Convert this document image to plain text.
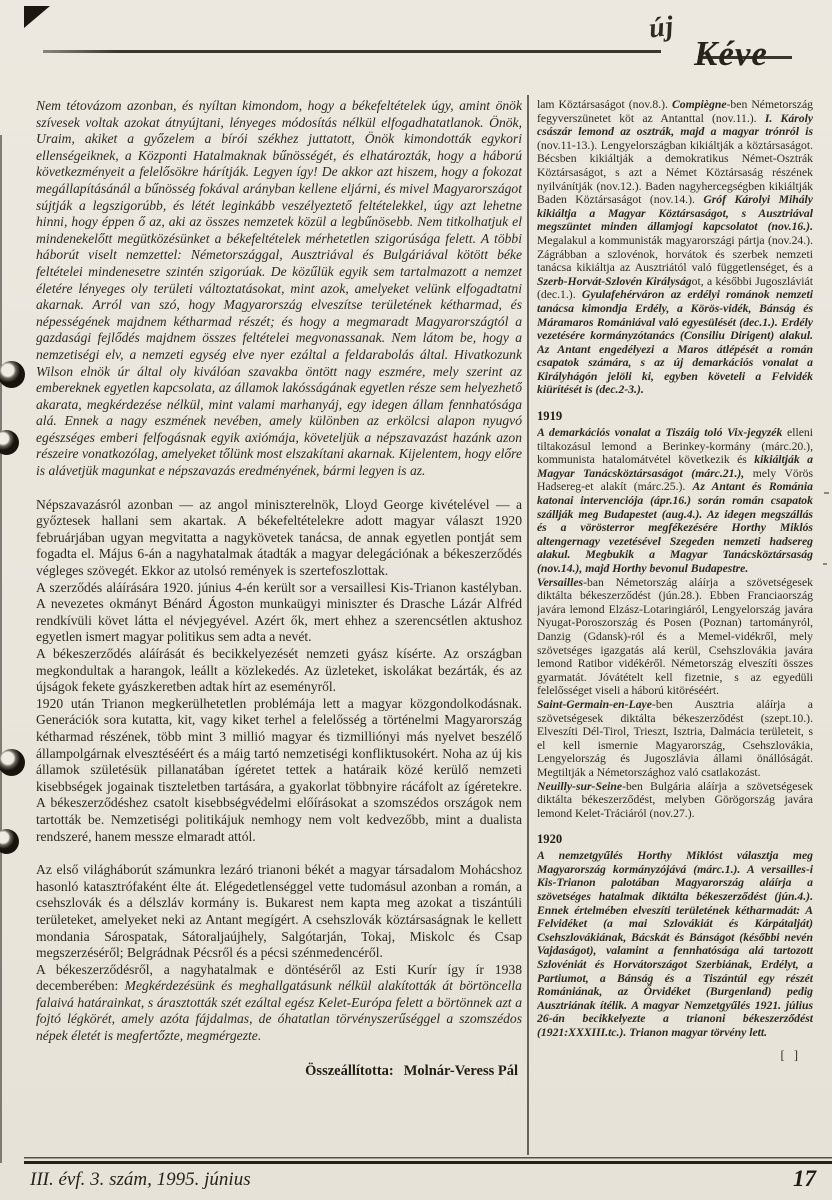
új
Kéve

Nem tétovázom azonban, és nyíltan kimondom, hogy a békefeltételek úgy, amint önök szívesek voltak azokat átnyújtani, lényeges módosítás nélkül elfogadhatatlanok. Önök, Uraim, akiket a győzelem a bírói székhez juttatott, Önök kimondották egykori ellenségeiknek, a Központi Hatalmaknak bűnösségét, és elhatározták, hogy a háború következményeit a felelősökre hárítják. Legyen így! De akkor azt hiszem, hogy a fokozat megállapításánál a bűnösség fokával arányban kellene eljárni, és mivel Magyarországot sújtják a legszigorúbb, és létét leginkább veszélyeztető feltételekkel, úgy azt lehetne hinni, hogy éppen ő az, aki az összes nemzetek közül a legbűnösebb. Nem titkolhatjuk el mindenekelőtt megütközésünket a békefeltételek mérhetetlen szigorúsága felett. A többi háborút viselt nemzettel: Németországgal, Ausztriával és Bulgáriával kötött béke feltételei mindenesetre szintén szigorúak. De közűlük egyik sem tartalmazott a nemzet életére lényeges oly területi változtatásokat, mint azok, amelyeket velünk elfogadtatni akarnak. Arról van szó, hogy Magyarország elveszítse területének kétharmad, és népességének majdnem kétharmad részét; és hogy a megmaradt Magyarországtól a gazdasági fejlődés majdnem összes feltételei megvonassanak. Nem látom be, hogy a nemzetiségi elv, a nemzeti egység elve nyer ezáltal a feldarabolás által. Hivatkozunk Wilson elnök úr által oly kiválóan szavakba öntött nagy eszmére, mely szerint az embereknek egyetlen kapcsolata, az államok lakósságának egyetlen része sem helyezhető akarata, megkérdezése nélkül, mint valami marhanyáj, egy idegen állam fennhatósága alá. Ennek a nagy eszmének nevében, amely különben az erkölcsi alapon nyugvó egészséges emberi felfogásnak egyik axiómája, követeljük a népszavazást hazánk azon részeire vonatkozólag, amelyeket tőlünk most elszakítani akarnak. Kijelentem, hogy előre is alávetjük magunkat e népszavazás eredményének, bármi legyen is az.

Népszavazásról azonban — az angol miniszterelnök, Lloyd George kivételével — a győztesek hallani sem akartak. A békefeltételekre adott magyar választ 1920 februárjában ugyan megvitatta a nagykövetek tanácsa, de annak egyetlen pontját sem fogadta el. Május 6-án a nagyhatalmak átadták a magyar delegációnak a békeszerződés végleges szövegét. Ekkor az utolsó remények is szertefoszlottak.

A szerződés aláírására 1920. június 4-én került sor a versaillesi Kis-Trianon kastélyban. A nevezetes okmányt Bénárd Ágoston munkaügyi miniszter és Drasche Lázár Alfréd rendkívüli követ látta el névjegyével. Azért ők, mert ehhez a szerencsétlen aktushoz egyetlen ismert magyar politikus sem adta a nevét.

A békeszerződés aláírását és becikkelyezését nemzeti gyász kísérte. Az országban megkondultak a harangok, leállt a közlekedés. Az üzleteket, iskolákat bezárták, és az újságok fekete gyászkeretben adtak hírt az eseményről.

1920 után Trianon megkerülhetetlen problémája lett a magyar közgondolkodásnak. Generációk sora kutatta, kit, vagy kiket terhel a felelősség a történelmi Magyarország kétharmad részének, több mint 3 millió magyar és tizmilliónyi más nyelvet beszélő állampolgárnak elvesztéséért és a máig tartó nemzetiségi konfliktusokért. Noha az új kis államok születésük pillanatában ígéretet tettek a határaik közé kerülő nemzeti kisebbségek jogainak tiszteletben tartására, a gyakorlat többnyire rácáfolt az ígéretekre. A békeszerződéshez csatolt kisebbségvédelmi előírásokat a szomszédos országok nem tartották be. Nemzetiségi politikájuk nemhogy nem volt kedvezőbb, mint a dualista rendszeré, hanem messze elmaradt attól.

Az első világháborút számunkra lezáró trianoni békét a magyar társadalom Mohácshoz hasonló katasztrófaként élte át. Elégedetlenséggel vette tudomásul azonban a román, a csehszlovák és a délszláv kormány is. Bukarest nem kapta meg azokat a tiszántúli területeket, amelyeket neki az Antant megígért. A csehszlovák köztársaságnak le kellett mondania Sárospatak, Sátoraljaújhely, Salgótarján, Tokaj, Miskolc és Csap megszerzéséről; Belgrádnak Pécsről és a pécsi szénmedencéről.

A békeszerződésről, a nagyhatalmak e döntéséről az Esti Kurír így ír 1938 decemberében: Megkérdezésünk és meghallgatásunk nélkül alakították át börtöncella falaivá határainkat, s árasztották szét ezáltal egész Kelet-Európa felett a börtönnek azt a fojtó légkörét, amely azóta fájdalmas, de óhatatlan törvényszerűséggel a szomszédos népek életét is megfertőzte, megmérgezte.

Összeállította: Molnár-Veress Pál

lam Köztársaságot (nov.8.). Compiègne-ben Németország fegyverszünetet köt az Antanttal (nov.11.). I. Károly császár lemond az osztrák, majd a magyar trónról is (nov.11-13.). Lengyelországban kikiáltják a köztársaságot. Bécsben kikiáltják a demokratikus Német-Osztrák Köztársaságot, s azt a Német Köztársaság részének nyilvánítják (nov.12.). Baden nagyhercegségben kikiáltják Baden Köztársaságot (nov.14.). Gróf Károlyi Mihály kikiáltja a Magyar Köztársaságot, s Ausztriával megszüntet minden államjogi kapcsolatot (nov.16.). Megalakul a kommunisták magyarországi pártja (nov.24.). Zágrábban a szlovénok, horvátok és szerbek nemzeti tanácsa kikiáltja az Ausztriától való függetlenséget, és a Szerb-Horvát-Szlovén Királyságot, a későbbi Jugoszláviát (dec.1.). Gyulafehérváron az erdélyi románok nemzeti tanácsa kimondja Erdély, a Körös-vidék, Bánság és Máramaros Romániával való egyesülését (dec.1.). Erdély vezetésére kormányzótanács (Consiliu Dirigent) alakul. Az Antant engedélyezi a Maros átlépését a román csapatok számára, s az új demarkációs vonalat a Királyhágón jelöli ki, egyben követeli a Felvidék kiürítését is (dec.2-3.).

1919

A demarkációs vonalat a Tiszáig toló Vix-jegyzék elleni tiltakozásul lemond a Berinkey-kormány (márc.20.), kommunista hatalomátvétel következik és kikiáltják a Magyar Tanácsköztársaságot (márc.21.), mely Vörös Hadsereg-et alakít (márc.25.). Az Antant és Románia katonai intervenciója (ápr.16.) során román csapatok szállják meg Budapestet (aug.4.). Az idegen megszállás és a vörösterror megfékezésére Horthy Miklós altengernagy vezetésével Szegeden nemzeti hadsereg alakul. Megbukik a Magyar Tanácsköztársaság (nov.14.), majd Horthy bevonul Budapestre.

Versailles-ban Németország aláírja a szövetségesek diktálta békeszerződést (jún.28.). Ebben Franciaország javára lemond Elzász-Lotaringiáról, Lengyelország javára Nyugat-Poroszország és Posen (Poznan) tartományról, Danzig (Gdansk)-ról és a Memel-vidékről, mely szövetséges igazgatás alá kerül, Csehszlovákia javára lemond Ratibor vidékéről. Németország elveszíti összes gyarmatát. Jóvátételt kell fizetnie, s az egyedüli felelősséget viseli a háború kitöréséért.

Saint-Germain-en-Laye-ben Ausztria aláírja a szövetségesek diktálta békeszerződést (szept.10.). Elveszíti Dél-Tirol, Trieszt, Isztria, Dalmácia területeit, s el kell ismernie Magyarország, Csehszlovákia, Lengyelország és Jugoszlávia állami önállóságát. Megtiltják a Németországhoz való csatlakozást.

Neuilly-sur-Seine-ben Bulgária aláírja a szövetségesek diktálta békeszerződést, melyben Görögország javára lemond Kelet-Tráciáról (nov.27.).

1920

A nemzetgyűlés Horthy Miklóst választja meg Magyarország kormányzójává (márc.1.). A versailles-i Kis-Trianon palotában Magyarország aláírja a szövetséges hatalmak diktálta békeszerződést (jún.4.). Ennek értelmében elveszíti területének kétharmadát: A Felvidéket (a mai Szlovákiát és Kárpátalját) Csehszlovákiának, Bácskát és Bánságot (későbbi nevén Vajdaságot), valamint a fennhatósága alá tartozott Szlovéniát és Horvátországot Szerbiának, Erdélyt, a Partiumot, a Bánság és a Tiszántúl egy részét Romániának, az Őrvidéket (Burgenland) pedig Ausztriának ítélik. A magyar Nemzetgyűlés 1921. július 26-án becikkelyezte a trianoni békeszerződést (1921:XXXIII.tc.). Trianon magyar törvény lett.

[ ]
III. évf. 3. szám, 1995. június	17
